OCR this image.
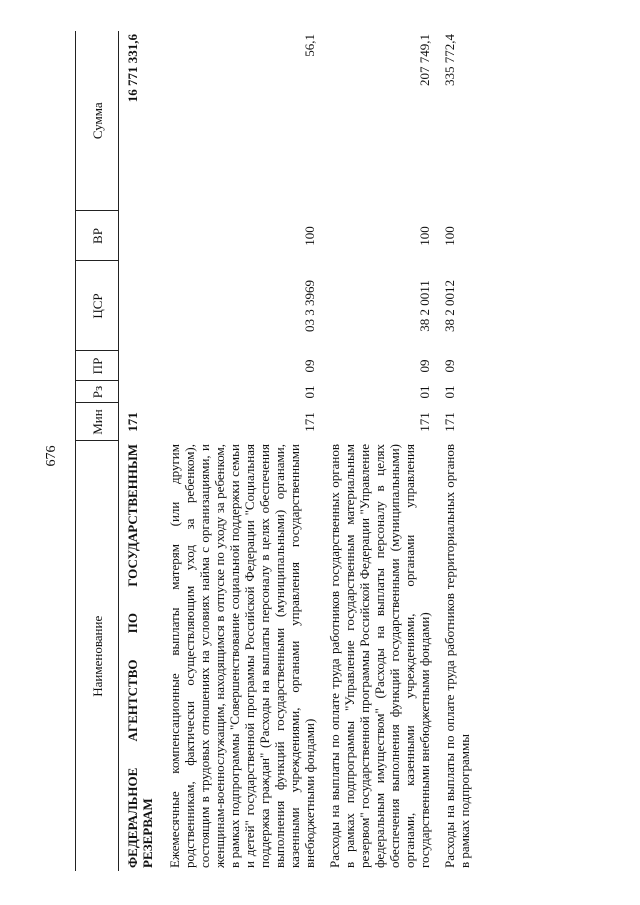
676
Наименование	Мин	Рз	ПР	ЦСР	ВР	Сумма
ФЕДЕРАЛЬНОЕ АГЕНТСТВО ПО ГОСУДАРСТВЕННЫМ РЕЗЕРВАМ	171					16 771 331,6
Ежемесячные компенсационные выплаты матерям (или другим родственникам, фактически осуществляющим уход за ребенком), состоящим в трудовых отношениях на условиях найма с организациями, и женщинам-военнослужащим, находящимся в отпуске по уходу за ребенком, в рамках подпрограммы "Совершенствование социальной поддержки семьи и детей" государственной программы Российской Федерации "Социальная поддержка граждан" (Расходы на выплаты персоналу в целях обеспечения выполнения функций государственными (муниципальными) органами, казенными учреждениями, органами управления государственными внебюджетными фондами)	171	01	09	03 3 3969	100	56,1
Расходы на выплаты по оплате труда работников государственных органов в рамках подпрограммы "Управление государственным материальным резервом" государственной программы Российской Федерации "Управление федеральным имуществом" (Расходы на выплаты персоналу в целях обеспечения выполнения функций государственными (муниципальными) органами, казенными учреждениями, органами управления государственными внебюджетными фондами)	171	01	09	38 2 0011	100	207 749,1
Расходы на выплаты по оплате труда работников территориальных органов в рамках подпрограммы	171	01	09	38 2 0012	100	335 772,4
